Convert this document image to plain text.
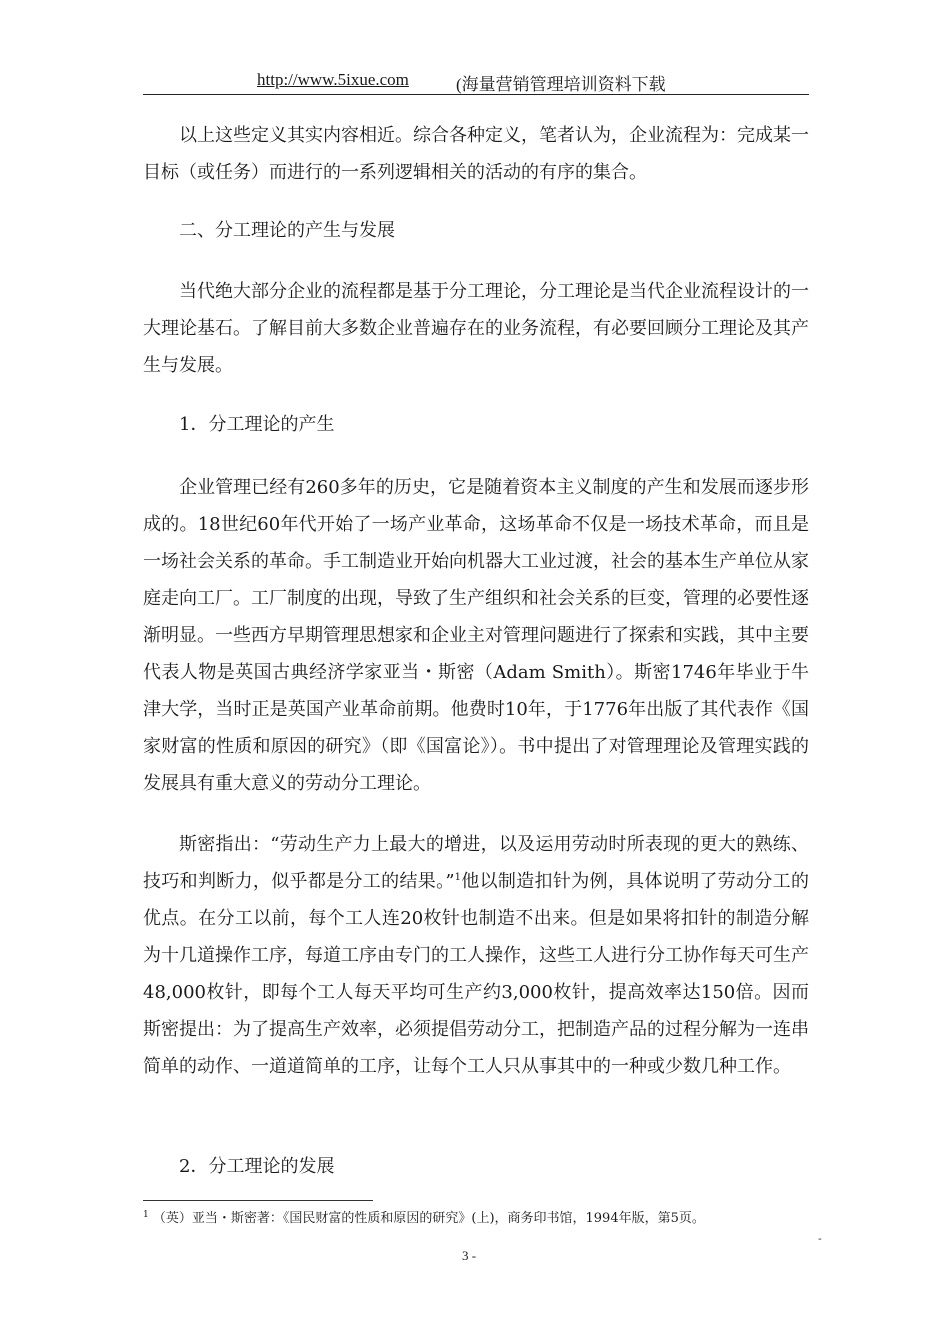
http://www.5ixue.com	(海量营销管理培训资料下载

以上这些定义其实内容相近。综合各种定义，笔者认为，企业流程为：完成某一目标（或任务）而进行的一系列逻辑相关的活动的有序的集合。

二、分工理论的产生与发展

当代绝大部分企业的流程都是基于分工理论，分工理论是当代企业流程设计的一大理论基石。了解目前大多数企业普遍存在的业务流程，有必要回顾分工理论及其产生与发展。

1．分工理论的产生

企业管理已经有260多年的历史，它是随着资本主义制度的产生和发展而逐步形成的。18世纪60年代开始了一场产业革命，这场革命不仅是一场技术革命，而且是一场社会关系的革命。手工制造业开始向机器大工业过渡，社会的基本生产单位从家庭走向工厂。工厂制度的出现，导致了生产组织和社会关系的巨变，管理的必要性逐渐明显。一些西方早期管理思想家和企业主对管理问题进行了探索和实践，其中主要代表人物是英国古典经济学家亚当・斯密（Adam Smith）。斯密1746年毕业于牛津大学，当时正是英国产业革命前期。他费时10年，于1776年出版了其代表作《国家财富的性质和原因的研究》（即《国富论》）。书中提出了对管理理论及管理实践的发展具有重大意义的劳动分工理论。

斯密指出：“劳动生产力上最大的增进，以及运用劳动时所表现的更大的熟练、技巧和判断力，似乎都是分工的结果。”$^1$他以制造扣针为例，具体说明了劳动分工的优点。在分工以前，每个工人连20枚针也制造不出来。但是如果将扣针的制造分解为十几道操作工序，每道工序由专门的工人操作，这些工人进行分工协作每天可生产48,000枚针，即每个工人每天平均可生产约3,000枚针，提高效率达150倍。因而斯密提出：为了提高生产效率，必须提倡劳动分工，把制造产品的过程分解为一连串简单的动作、一道道简单的工序，让每个工人只从事其中的一种或少数几种工作。

2．分工理论的发展

$^1$ （英）亚当・斯密著：《国民财富的性质和原因的研究》(上)，商务印书馆，1994年版，第5页。

3 -
-
